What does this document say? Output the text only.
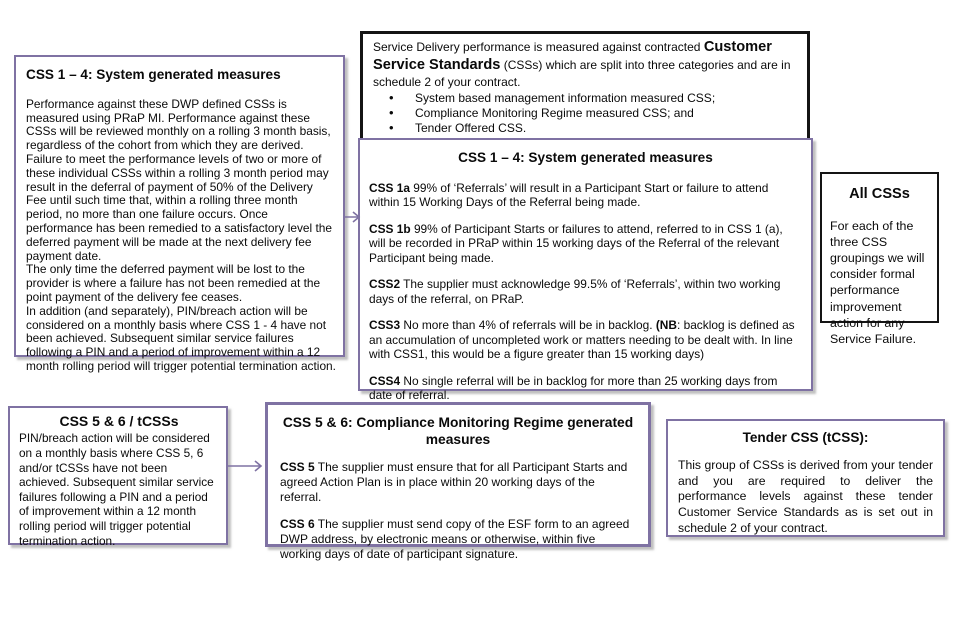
CSS 1 – 4: System generated measures

Performance against these DWP defined CSSs is measured using PRaP MI. Performance against these CSSs will be reviewed monthly on a rolling 3 month basis, regardless of the cohort from which they are derived. Failure to meet the performance levels of two or more of these individual CSSs within a rolling 3 month period may result in the deferral of payment of 50% of the Delivery Fee until such time that, within a rolling three month period, no more than one failure occurs. Once performance has been remedied to a satisfactory level the deferred payment will be made at the next delivery fee payment date.

The only time the deferred payment will be lost to the provider is where a failure has not been remedied at the point payment of the delivery fee ceases.

In addition (and separately), PIN/breach action will be considered on a monthly basis where CSS 1 - 4 have not been achieved. Subsequent similar service failures following a PIN and a period of improvement within a 12 month rolling period will trigger potential termination action.

Service Delivery performance is measured against contracted Customer Service Standards (CSSs) which are split into three categories and are in schedule 2 of your contract.

• System based management information measured CSS;
• Compliance Monitoring Regime measured CSS; and
• Tender Offered CSS.
CSS 1 – 4: System generated measures

CSS 1a 99% of ‘Referrals’ will result in a Participant Start or failure to attend within 15 Working Days of the Referral being made.

CSS 1b 99% of Participant Starts or failures to attend, referred to in CSS 1 (a), will be recorded in PRaP within 15 working days of the Referral of the relevant Participant being made.

CSS2 The supplier must acknowledge 99.5% of ‘Referrals’, within two working days of the referral, on PRaP.

CSS3 No more than 4% of referrals will be in backlog. (NB: backlog is defined as an accumulation of uncompleted work or matters needing to be dealt with. In line with CSS1, this would be a figure greater than 15 working days)

CSS4 No single referral will be in backlog for more than 25 working days from date of referral.

All CSSs

For each of the three CSS groupings we will consider formal performance improvement action for any Service Failure.

CSS 5 & 6 / tCSSs

PIN/breach action will be considered on a monthly basis where CSS 5, 6 and/or tCSSs have not been achieved. Subsequent similar service failures following a PIN and a period of improvement within a 12 month rolling period will trigger potential termination action.

CSS 5 & 6: Compliance Monitoring Regime generated measures

CSS 5 The supplier must ensure that for all Participant Starts and agreed Action Plan is in place within 20 working days of the referral.

CSS 6 The supplier must send copy of the ESF form to an agreed DWP address, by electronic means or otherwise, within five working days of date of participant signature.

Tender CSS (tCSS):

This group of CSSs is derived from your tender and you are required to deliver the performance levels against these tender Customer Service Standards as is set out in schedule 2 of your contract.
